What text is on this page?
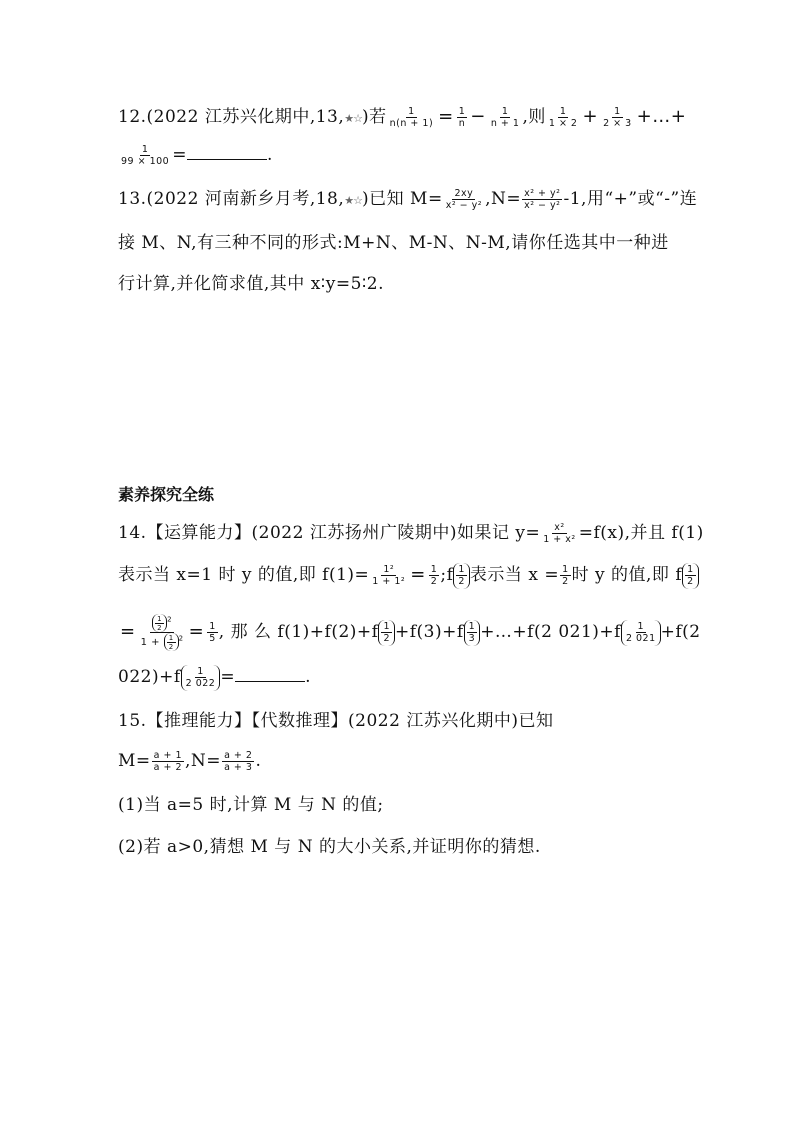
12.(2022 江苏兴化期中,13,★☆)若 $\frac{1}{n(n + 1)} = \frac{1}{n} - \frac{1}{n + 1}$ ,则 $\frac{1}{1 \times 2} + \frac{1}{2 \times 3}$ +…+
$\frac{1}{99 \times 100}$ =	.
13.(2022 河南新乡月考,18,★☆)已知 $M= \frac{2xy}{\text{x² − y²}} ,N= \frac{\text{x² + y²}}{\text{x² − y²}} -1$,用“+”或“-”连
接 M、N,有三种不同的形式:M+N、M-N、N-M,请你任选其中一种进
行计算,并化简求值,其中 x∶y=5∶2.
素养探究全练
14.【运算能力】(2022 江苏扬州广陵期中)如果记 $y= \frac{\text{x²}}{\text{1 + x²}} =f(x)$,并且 f(1)
表示当 x=1 时 y 的值,即 $f(1)= \frac{\text{1²}}{\text{1 + 1²}} = \frac{1}{2}$ ;f $\frac{1}{2}$ 表示当 $x = \frac{1}{2}$ 时 y 的值,即 f $\frac{1}{2}$
= $\frac{\frac{1}{2} ^2}{1 + \frac{1}{2} ^2} = \frac{1}{5}$ , 那 么 $f(1)+f(2)+f \frac{1}{2} +f(3)+f \frac{1}{3}$ +…+f(2 $021)+f \frac{1}{2 021} +f(2$
$022)+f \frac{1}{2 022}$ =	.
15.【推理能力】【代数推理】(2022 江苏兴化期中)已知
$M= \frac{a + 1}{a + 2} ,N= \frac{a + 2}{a + 3}$ .
(1)当 a=5 时,计算 M 与 N 的值;
(2)若 a>0,猜想 M 与 N 的大小关系,并证明你的猜想.
